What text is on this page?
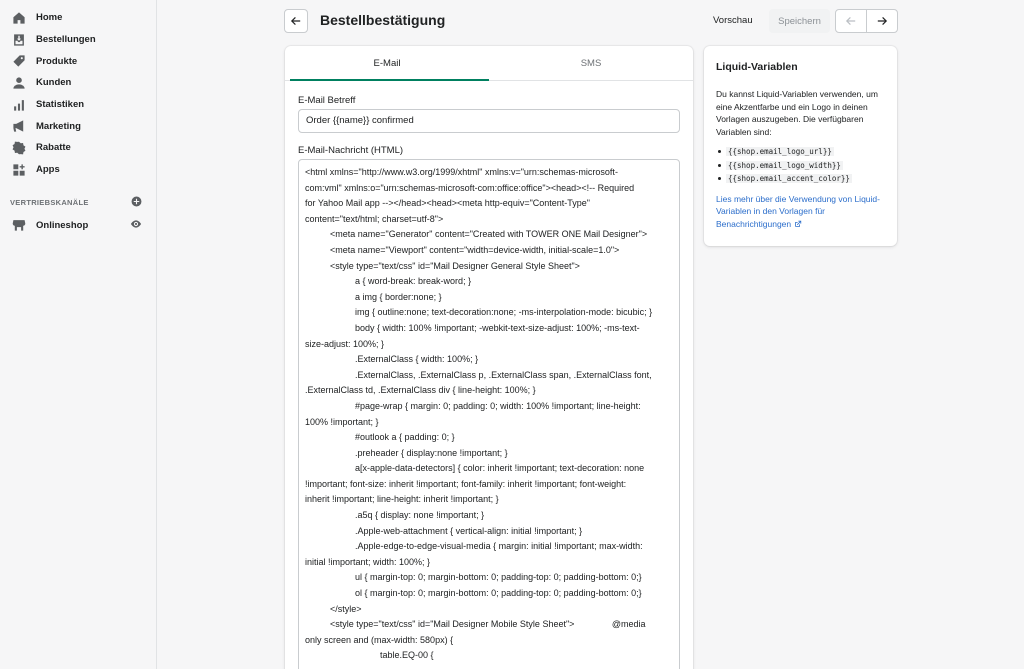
Home
Bestellungen
Produkte
Kunden
Statistiken
Marketing
Rabatte
Apps
VERTRIEBSKANÄLE
Onlineshop
Bestellbestätigung	Vorschau	Speichern
E-Mail	SMS
E-Mail Betreff
Order {{name}} confirmed
E-Mail-Nachricht (HTML)
<html xmlns="http://www.w3.org/1999/xhtml" xmlns:v="urn:schemas-microsoft-
com:vml" xmlns:o="urn:schemas-microsoft-com:office:office"><head><!-- Required
for Yahoo Mail app --></head><head><meta http-equiv="Content-Type"
content="text/html; charset=utf-8">
<meta name="Generator" content="Created with TOWER ONE Mail Designer">
<meta name="Viewport" content="width=device-width, initial-scale=1.0">
<style type="text/css" id="Mail Designer General Style Sheet">
a { word-break: break-word; }
a img { border:none; }
img { outline:none; text-decoration:none; -ms-interpolation-mode: bicubic; }
body { width: 100% !important; -webkit-text-size-adjust: 100%; -ms-text-
size-adjust: 100%; }
.ExternalClass { width: 100%; }
.ExternalClass, .ExternalClass p, .ExternalClass span, .ExternalClass font,
.ExternalClass td, .ExternalClass div { line-height: 100%; }
#page-wrap { margin: 0; padding: 0; width: 100% !important; line-height:
100% !important; }
#outlook a { padding: 0; }
.preheader { display:none !important; }
a[x-apple-data-detectors] { color: inherit !important; text-decoration: none
!important; font-size: inherit !important; font-family: inherit !important; font-weight:
inherit !important; line-height: inherit !important; }
.a5q { display: none !important; }
.Apple-web-attachment { vertical-align: initial !important; }
.Apple-edge-to-edge-visual-media { margin: initial !important; max-width:
initial !important; width: 100%; }
ul { margin-top: 0; margin-bottom: 0; padding-top: 0; padding-bottom: 0;}
ol { margin-top: 0; margin-bottom: 0; padding-top: 0; padding-bottom: 0;}
</style>
<style type="text/css" id="Mail Designer Mobile Style Sheet">               @media
only screen and (max-width: 580px) {
table.EQ-00 {
Liquid-Variablen
Du kannst Liquid-Variablen verwenden, um eine Akzentfarbe und ein Logo in deinen Vorlagen auszugeben. Die verfügbaren Variablen sind:
{{shop.email_logo_url}}
{{shop.email_logo_width}}
{{shop.email_accent_color}}
Lies mehr über die Verwendung von Liquid-Variablen in den Vorlagen für Benachrichtigungen
